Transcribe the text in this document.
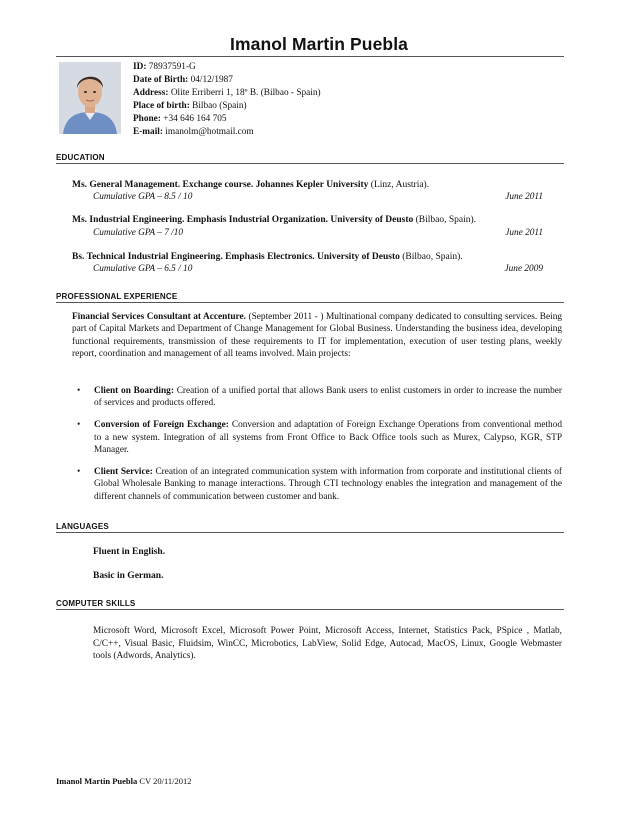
Imanol Martin Puebla
ID: 78937591-G
Date of Birth: 04/12/1987
Address: Olite Erriberri 1, 18º B. (Bilbao - Spain)
Place of birth: Bilbao (Spain)
Phone: +34 646 164 705
E-mail: imanolm@hotmail.com
EDUCATION
Ms. General Management. Exchange course. Johannes Kepler University (Linz, Austria).
Cumulative GPA – 8.5 / 10	June 2011
Ms. Industrial Engineering. Emphasis Industrial Organization. University of Deusto (Bilbao, Spain).
Cumulative GPA – 7 /10	June 2011
Bs. Technical Industrial Engineering. Emphasis Electronics. University of Deusto (Bilbao, Spain).
Cumulative GPA – 6.5 / 10	June 2009
PROFESSIONAL EXPERIENCE
Financial Services Consultant at Accenture. (September 2011 - ) Multinational company dedicated to consulting services. Being part of Capital Markets and Department of Change Management for Global Business. Understanding the business idea, developing functional requirements, transmission of these requirements to IT for implementation, execution of user testing plans, weekly report, coordination and management of all teams involved. Main projects:
• Client on Boarding: Creation of a unified portal that allows Bank users to enlist customers in order to increase the number of services and products offered.
• Conversion of Foreign Exchange: Conversion and adaptation of Foreign Exchange Operations from conventional method to a new system. Integration of all systems from Front Office to Back Office tools such as Murex, Calypso, KGR, STP Manager.
• Client Service: Creation of an integrated communication system with information from corporate and institutional clients of Global Wholesale Banking to manage interactions. Through CTI technology enables the integration and management of the different channels of communication between customer and bank.
LANGUAGES
Fluent in English.
Basic in German.
COMPUTER SKILLS
Microsoft Word, Microsoft Excel, Microsoft Power Point, Microsoft Access, Internet, Statistics Pack, PSpice , Matlab, C/C++, Visual Basic, Fluidsim, WinCC, Microbotics, LabView, Solid Edge, Autocad, MacOS, Linux, Google Webmaster tools (Adwords, Analytics).
Imanol Martin Puebla CV 20/11/2012
